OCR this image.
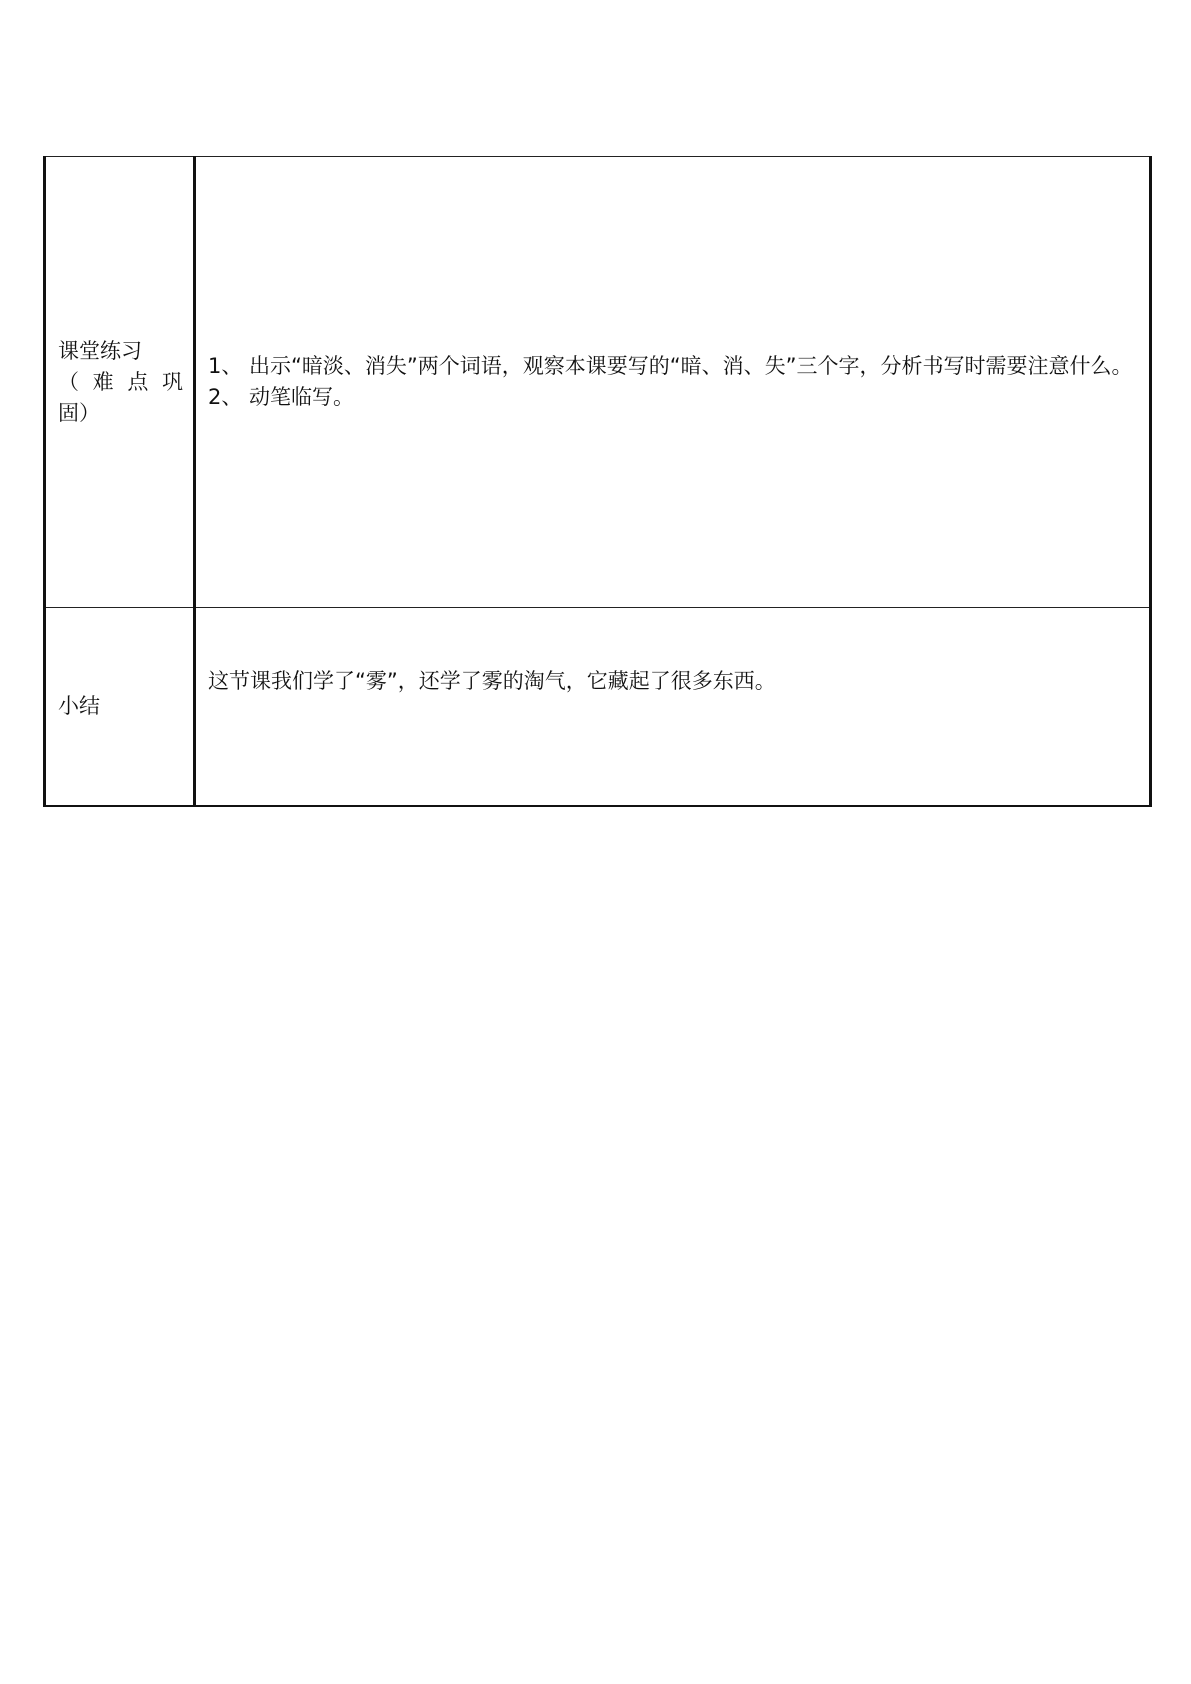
课堂练习
（ 难 点 巩
固）	1、 出示“暗淡、消失”两个词语，观察本课要写的“暗、消、失”三个字，分析书写时需要注意什么。
2、 动笔临写。

小结	这节课我们学了“雾”，还学了雾的淘气，它藏起了很多东西。
